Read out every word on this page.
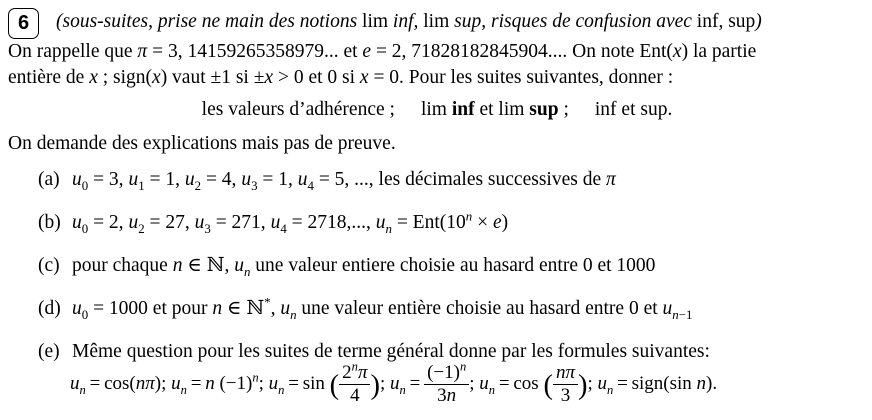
6 (sous-suites, prise ne main des notions lim inf, lim sup, risques de confusion avec inf, sup)
On rappelle que π = 3, 14159265358979... et e = 2, 71828182845904.... On note Ent(x) la partie
entière de x ; sign(x) vaut ±1 si ±x > 0 et 0 si x = 0. Pour les suites suivantes, donner :
les valeurs d’adhérence ; lim inf et lim sup ; inf et sup.
On demande des explications mais pas de preuve.
(a) $u_0 = 3$, $u_1 = 1$, $u_2 = 4$, $u_3 = 1$, $u_4 = 5$, ..., les décimales successives de π
(b) $u_0 = 2$, $u_2 = 27$, $u_3 = 271$, $u_4 = 2718$,..., $u_n = Ent(10^n \times e)$
(c) pour chaque n ∈ ℕ, $u_n$ une valeur entiere choisie au hasard entre 0 et 1000
(d) $u_0 = 1000$ et pour n ∈ ℕ*, $u_n$ une valeur entière choisie au hasard entre 0 et $u_{n-1}$
(e) Même question pour les suites de terme général donne par les formules suivantes:
$u_n = \cos(n\pi)$; $u_n = n$ $(-1)^n$; $u_n = \sin$ ( $\frac{2^n\pi}{4}$ ); $u_n = \frac{(-1)^n}{3n}$ ; $u_n = \cos$ ( $\frac{n\pi}{3}$ ); $u_n$ = sign(sin n).
